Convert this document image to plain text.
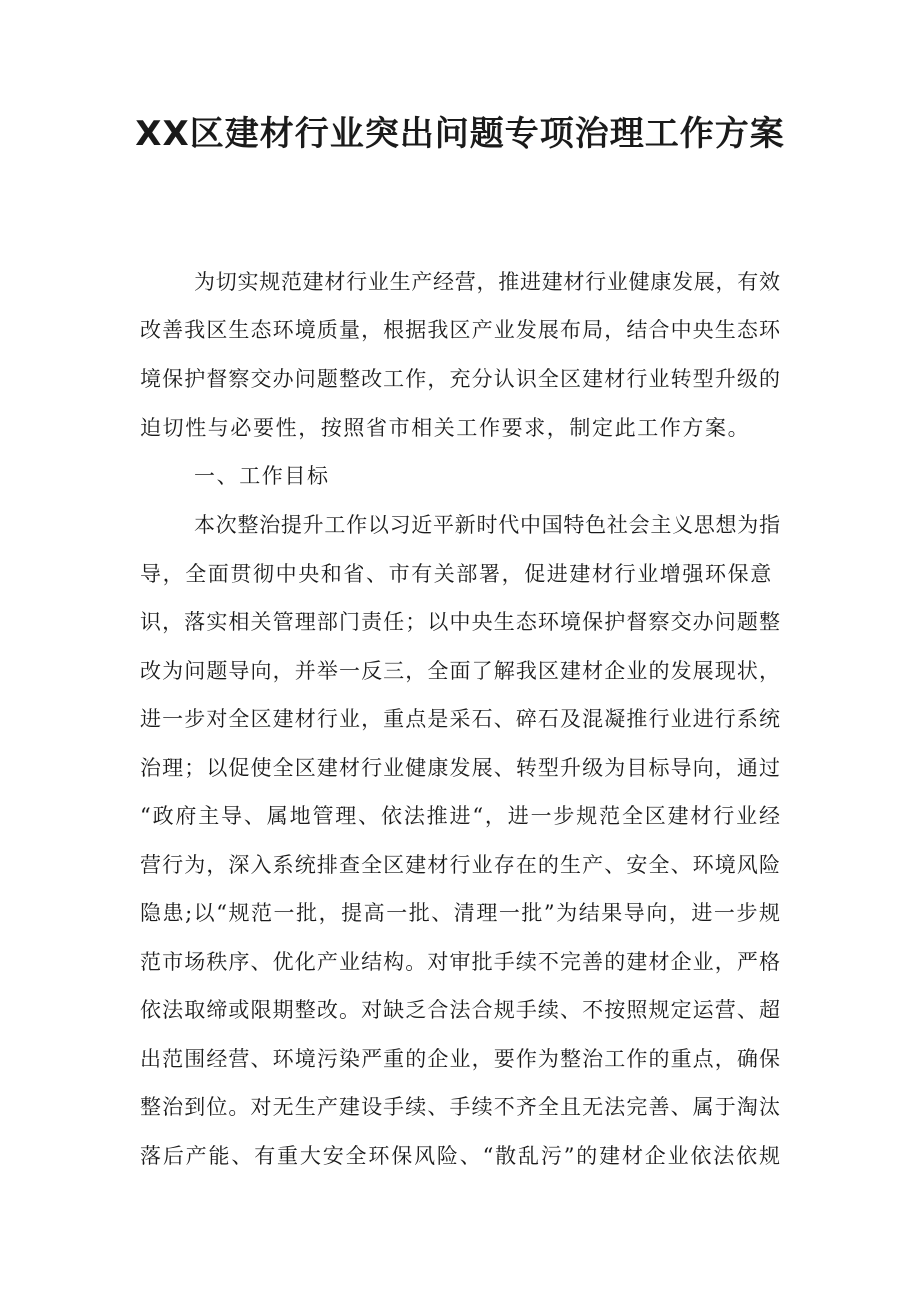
XX区建材行业突出问题专项治理工作方案
为切实规范建材行业生产经营，推进建材行业健康发展，有效
改善我区生态环境质量，根据我区产业发展布局，结合中央生态环
境保护督察交办问题整改工作，充分认识全区建材行业转型升级的
迫切性与必要性，按照省市相关工作要求，制定此工作方案。
一、工作目标
本次整治提升工作以习近平新时代中国特色社会主义思想为指
导，全面贯彻中央和省、市有关部署，促进建材行业增强环保意
识，落实相关管理部门责任；以中央生态环境保护督察交办问题整
改为问题导向，并举一反三，全面了解我区建材企业的发展现状，
进一步对全区建材行业，重点是采石、碎石及混凝推行业进行系统
治理；以促使全区建材行业健康发展、转型升级为目标导向，通过
“政府主导、属地管理、依法推进“，进一步规范全区建材行业经
营行为，深入系统排查全区建材行业存在的生产、安全、环境风险
隐患;以“规范一批，提高一批、清理一批”为结果导向，进一步规
范市场秩序、优化产业结构。对审批手续不完善的建材企业，严格
依法取缔或限期整改。对缺乏合法合规手续、不按照规定运营、超
出范围经营、环境污染严重的企业，要作为整治工作的重点，确保
整治到位。对无生产建设手续、手续不齐全且无法完善、属于淘汰
落后产能、有重大安全环保风险、“散乱污”的建材企业依法依规
